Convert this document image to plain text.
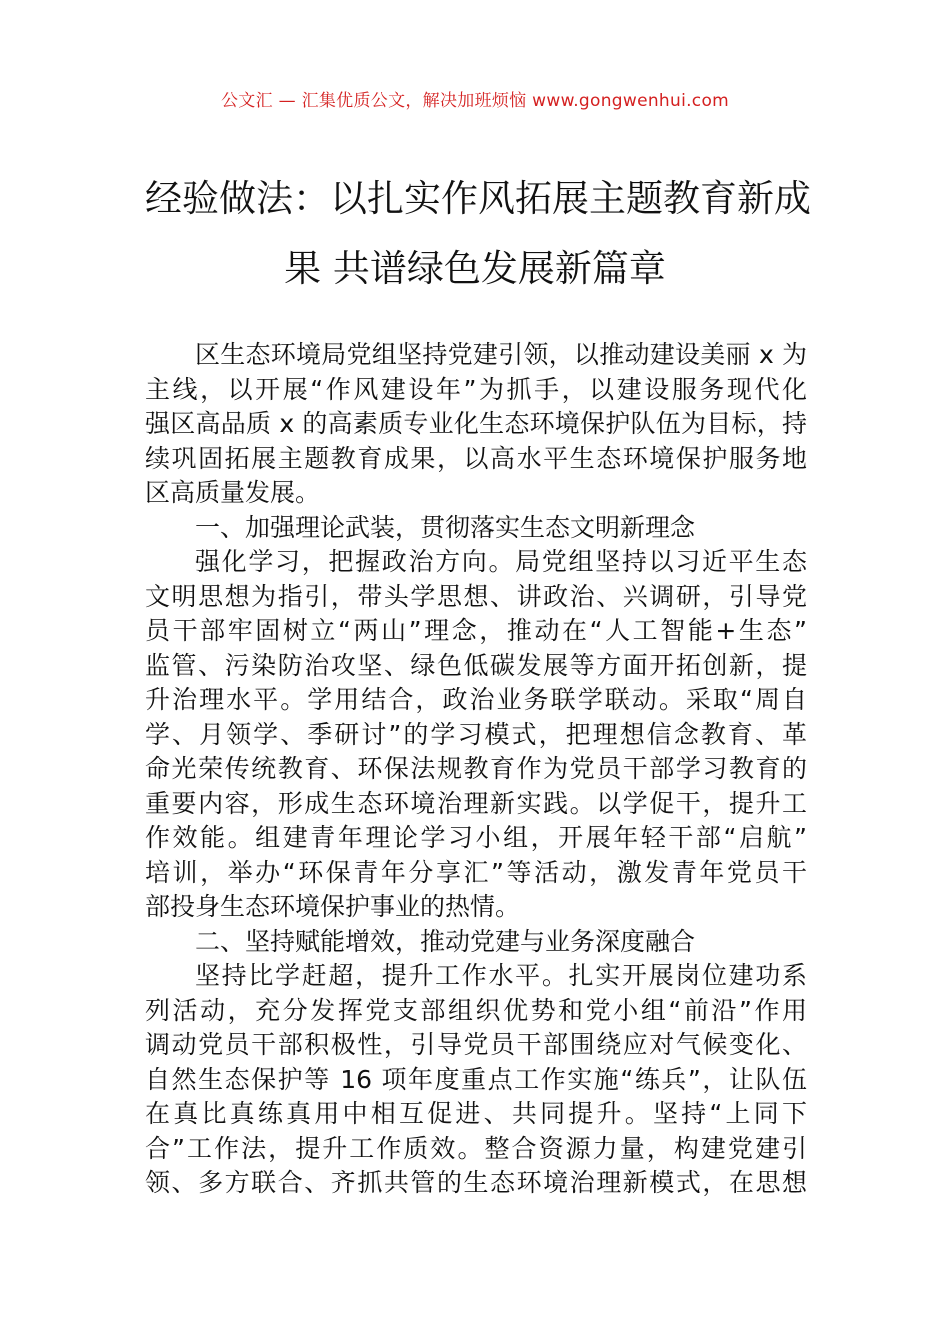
公文汇 — 汇集优质公文，解决加班烦恼 www.gongwenhui.com
经验做法：以扎实作风拓展主题教育新成
果 共谱绿色发展新篇章
区生态环境局党组坚持党建引领，以推动建设美丽 x 为
主线，以开展“作风建设年”为抓手，以建设服务现代化
强区高品质 x 的高素质专业化生态环境保护队伍为目标，持
续巩固拓展主题教育成果，以高水平生态环境保护服务地
区高质量发展。
一、加强理论武装，贯彻落实生态文明新理念
强化学习，把握政治方向。局党组坚持以习近平生态
文明思想为指引，带头学思想、讲政治、兴调研，引导党
员干部牢固树立“两山”理念，推动在“人工智能+生态”
监管、污染防治攻坚、绿色低碳发展等方面开拓创新，提
升治理水平。学用结合，政治业务联学联动。采取“周自
学、月领学、季研讨”的学习模式，把理想信念教育、革
命光荣传统教育、环保法规教育作为党员干部学习教育的
重要内容，形成生态环境治理新实践。以学促干，提升工
作效能。组建青年理论学习小组，开展年轻干部“启航”
培训，举办“环保青年分享汇”等活动，激发青年党员干
部投身生态环境保护事业的热情。
二、坚持赋能增效，推动党建与业务深度融合
坚持比学赶超，提升工作水平。扎实开展岗位建功系
列活动，充分发挥党支部组织优势和党小组“前沿”作用
调动党员干部积极性，引导党员干部围绕应对气候变化、
自然生态保护等 16 项年度重点工作实施“练兵”，让队伍
在真比真练真用中相互促进、共同提升。坚持“上同下
合”工作法，提升工作质效。整合资源力量，构建党建引
领、多方联合、齐抓共管的生态环境治理新模式，在思想
